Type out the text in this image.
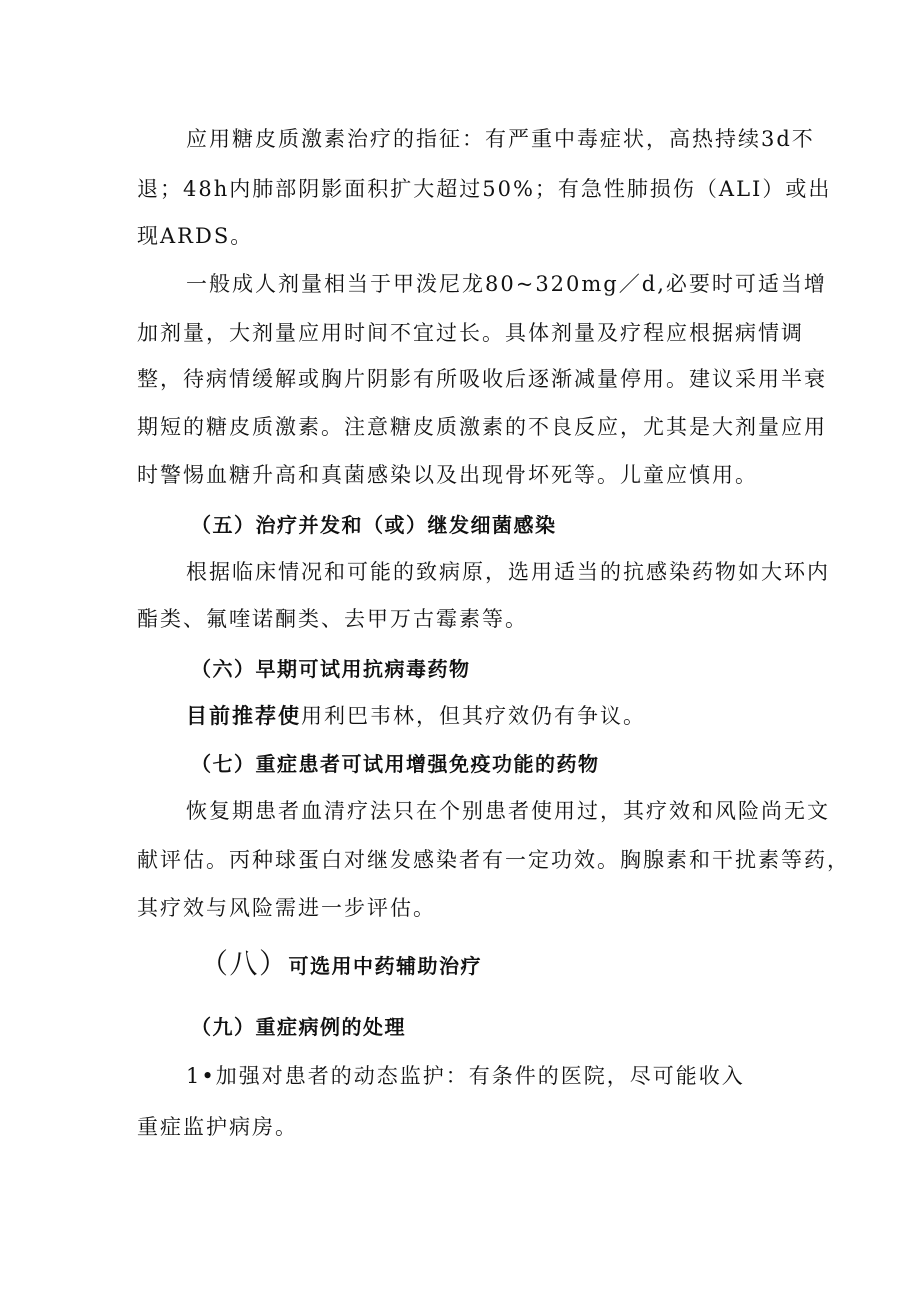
应用糖皮质激素治疗的指征：有严重中毒症状，高热持续3d不

退；48h内肺部阴影面积扩大超过50%；有急性肺损伤（ALI）或出

现ARDS。

一般成人剂量相当于甲泼尼龙80~320mg／d,必要时可适当增

加剂量，大剂量应用时间不宜过长。具体剂量及疗程应根据病情调

整，待病情缓解或胸片阴影有所吸收后逐渐减量停用。建议采用半衰

期短的糖皮质激素。注意糖皮质激素的不良反应，尤其是大剂量应用

时警惕血糖升高和真菌感染以及出现骨坏死等。儿童应慎用。

（五）治疗并发和（或）继发细菌感染

根据临床情况和可能的致病原，选用适当的抗感染药物如大环内

酯类、氟喹诺酮类、去甲万古霉素等。

（六）早期可试用抗病毒药物

目前推荐使用利巴韦林，但其疗效仍有争议。

（七）重症患者可试用增强免疫功能的药物

恢复期患者血清疗法只在个别患者使用过，其疗效和风险尚无文

献评估。丙种球蛋白对继发感染者有一定功效。胸腺素和干扰素等药，

其疗效与风险需进一步评估。

（八）可选用中药辅助治疗

（九）重症病例的处理

1•加强对患者的动态监护：有条件的医院，尽可能收入

重症监护病房。
